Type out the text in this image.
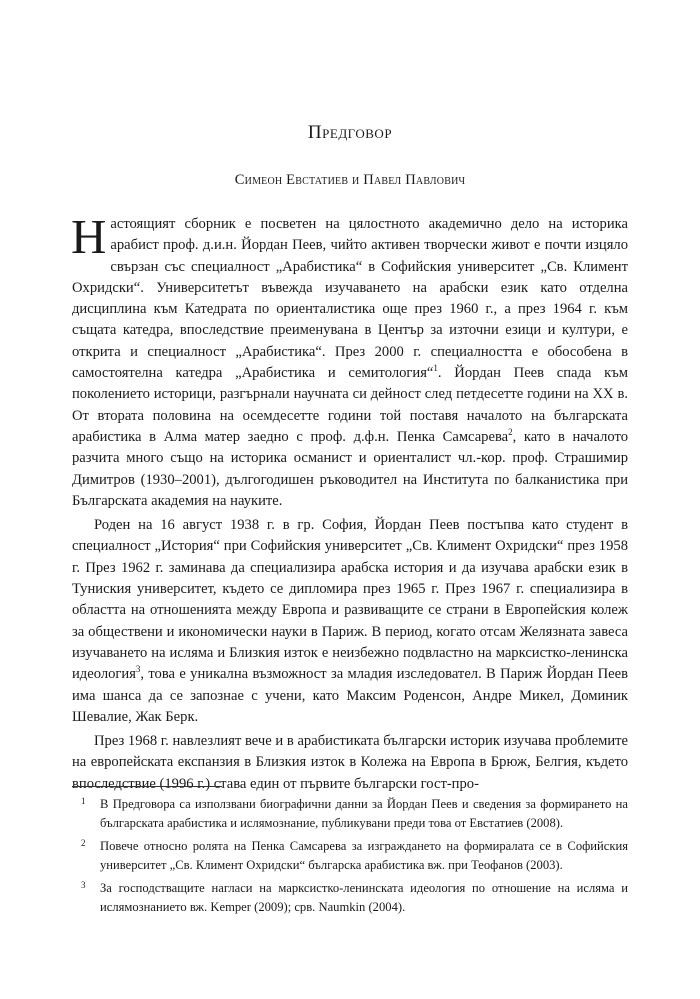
Предговор
Симеон Евстатиев и Павел Павлович

Настоящият сборник е посветен на цялостното академично дело на историка арабист проф. д.и.н. Йордан Пеев, чийто активен творчески живот е почти изцяло свързан със специалност „Арабистика“ в Софийския университет „Св. Климент Охридски“. Университетът въвежда изучаването на арабски език като отделна дисциплина към Катедрата по ориенталистика още през 1960 г., а през 1964 г. към същата катедра, впоследствие преименувана в Център за източни езици и култури, е открита и специалност „Арабистика“. През 2000 г. специалността е обособена в самостоятелна катедра „Арабистика и семитология“$^1$. Йордан Пеев спада към поколението историци, разгърнали научната си дейност след петдесетте години на XX в. От втората половина на осемдесетте години той поставя началото на българската арабистика в Алма матер заедно с проф. д.ф.н. Пенка Самсарева$^2$, като в началото разчита много също на историка османист и ориенталист чл.-кор. проф. Страшимир Димитров (1930–2001), дългогодишен ръководител на Института по балканистика при Българската академия на науките.

Роден на 16 август 1938 г. в гр. София, Йордан Пеев постъпва като студент в специалност „История“ при Софийския университет „Св. Климент Охридски“ през 1958 г. През 1962 г. заминава да специализира арабска история и да изучава арабски език в Туниския университет, където се дипломира през 1965 г. През 1967 г. специализира в областта на отношенията между Европа и развиващите се страни в Европейския колеж за обществени и икономически науки в Париж. В период, когато отсам Желязната завеса изучаването на исляма и Близкия изток е неизбежно подвластно на марксистко-ленинска идеология$^3$, това е уникална възможност за младия изследовател. В Париж Йордан Пеев има шанса да се запознае с учени, като Максим Роденсон, Андре Микел, Доминик Шевалие, Жак Берк.

През 1968 г. навлезлият вече и в арабистиката български историк изучава проблемите на европейската експанзия в Близкия изток в Колежа на Европа в Брюж, Белгия, където впоследствие (1996 г.) става един от първите български гост-про-

1 В Предговора са използвани биографични данни за Йордан Пеев и сведения за формирането на българската арабистика и ислямознание, публикувани преди това от Евстатиев (2008).
2 Повече относно ролята на Пенка Самсарева за изграждането на формиралата се в Софийския университет „Св. Климент Охридски“ българска арабистика вж. при Теофанов (2003).
3 За господстващите нагласи на марксистко-ленинската идеология по отношение на исляма и ислямознанието вж. Kemper (2009); срв. Naumkin (2004).
